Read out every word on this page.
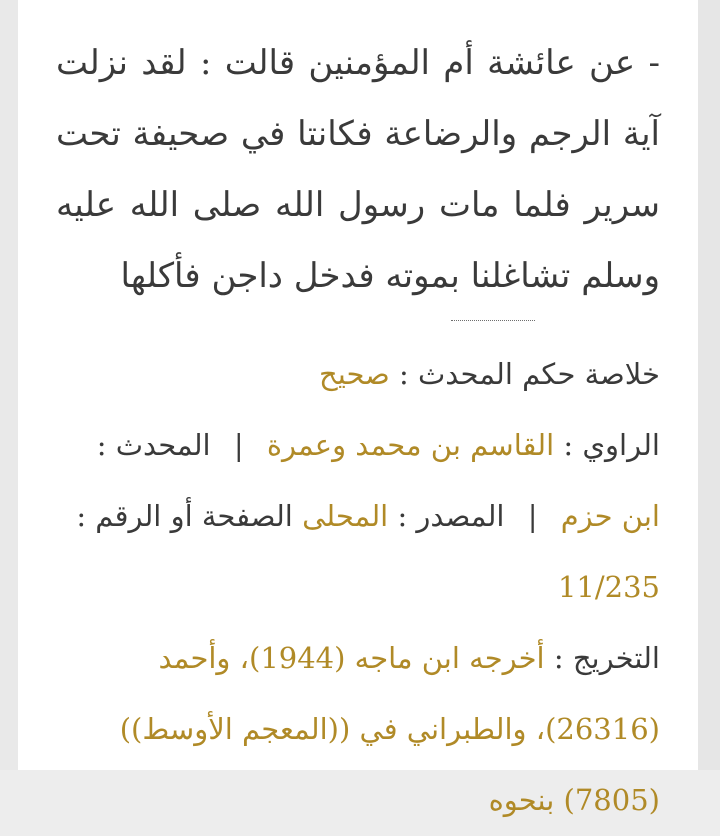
- عن عائشة أم المؤمنين قالت : لقد نزلت آية الرجم والرضاعة فكانتا في صحيفة تحت سرير فلما مات رسول الله صلى الله عليه وسلم تشاغلنا بموته فدخل داجن فأكلها

خلاصة حكم المحدث : صحيح
الراوي : القاسم بن محمد وعمرة | المحدث : ابن حزم | المصدر : المحلى الصفحة أو الرقم : 11/235
التخريج : أخرجه ابن ماجه (1944)، وأحمد (26316)، والطبراني في ((المعجم الأوسط)) (7805) بنحوه
